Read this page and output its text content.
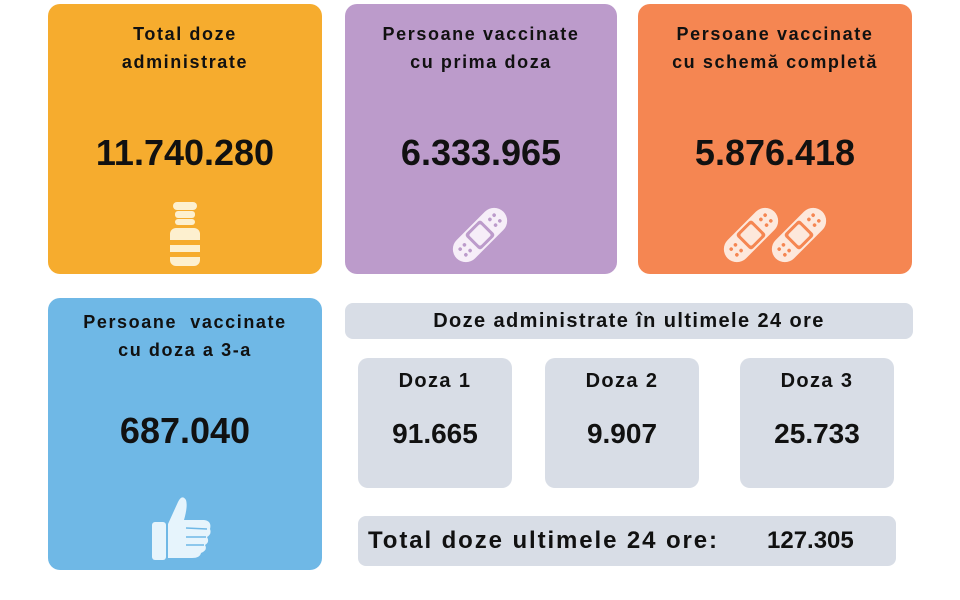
Total doze
administrate
11.740.280
Persoane vaccinate
cu prima doza
6.333.965
Persoane vaccinate
cu schemă completă
5.876.418
Persoane  vaccinate
cu doza a 3-a
687.040
Doze administrate în ultimele 24 ore
Doza 1
91.665
Doza 2
9.907
Doza 3
25.733
Total doze ultimele 24 ore: 127.305
